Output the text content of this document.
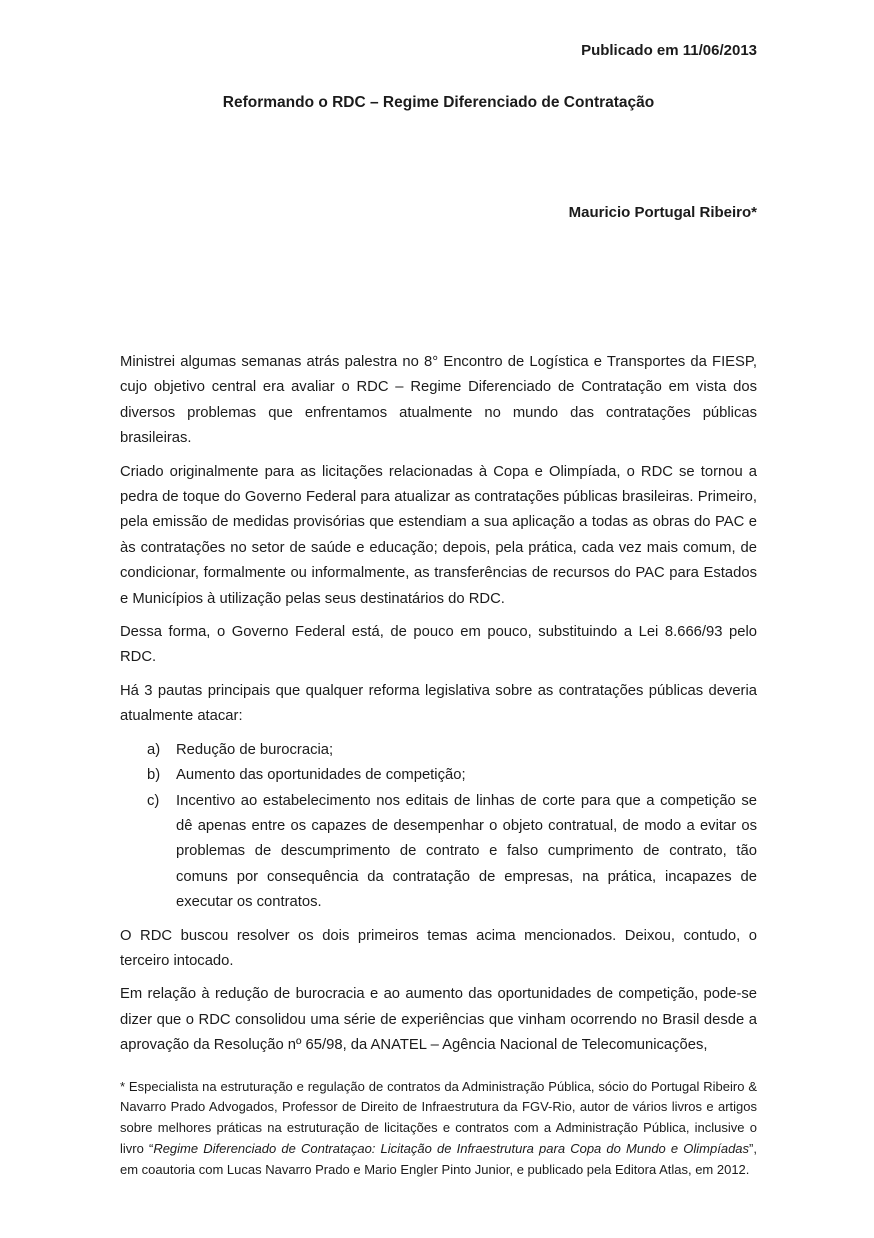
Publicado em 11/06/2013
Reformando o RDC – Regime Diferenciado de Contratação
Mauricio Portugal Ribeiro*

Ministrei algumas semanas atrás palestra no 8° Encontro de Logística e Transportes da FIESP, cujo objetivo central era avaliar o RDC – Regime Diferenciado de Contratação em vista dos diversos problemas que enfrentamos atualmente no mundo das contratações públicas brasileiras.

Criado originalmente para as licitações relacionadas à Copa e Olimpíada, o RDC se tornou a pedra de toque do Governo Federal para atualizar as contratações públicas brasileiras. Primeiro, pela emissão de medidas provisórias que estendiam a sua aplicação a todas as obras do PAC e às contratações no setor de saúde e educação; depois, pela prática, cada vez mais comum, de condicionar, formalmente ou informalmente, as transferências de recursos do PAC para Estados e Municípios à utilização pelas seus destinatários do RDC.

Dessa forma, o Governo Federal está, de pouco em pouco, substituindo a Lei 8.666/93 pelo RDC.

Há 3 pautas principais que qualquer reforma legislativa sobre as contratações públicas deveria atualmente atacar:

a)	Redução de burocracia;
b)	Aumento das oportunidades de competição;
c)	Incentivo ao estabelecimento nos editais de linhas de corte para que a competição se dê apenas entre os capazes de desempenhar o objeto contratual, de modo a evitar os problemas de descumprimento de contrato e falso cumprimento de contrato, tão comuns por consequência da contratação de empresas, na prática, incapazes de executar os contratos.

O RDC buscou resolver os dois primeiros temas acima mencionados. Deixou, contudo, o terceiro intocado.

Em relação à redução de burocracia e ao aumento das oportunidades de competição, pode-se dizer que o RDC consolidou uma série de experiências que vinham ocorrendo no Brasil desde a aprovação da Resolução nº 65/98, da ANATEL – Agência Nacional de Telecomunicações,

* Especialista na estruturação e regulação de contratos da Administração Pública, sócio do Portugal Ribeiro & Navarro Prado Advogados, Professor de Direito de Infraestrutura da FGV-Rio, autor de vários livros e artigos sobre melhores práticas na estruturação de licitações e contratos com a Administração Pública, inclusive o livro “Regime Diferenciado de Contrataçao: Licitação de Infraestrutura para Copa do Mundo e Olimpíadas”, em coautoria com Lucas Navarro Prado e Mario Engler Pinto Junior, e publicado pela Editora Atlas, em 2012.
